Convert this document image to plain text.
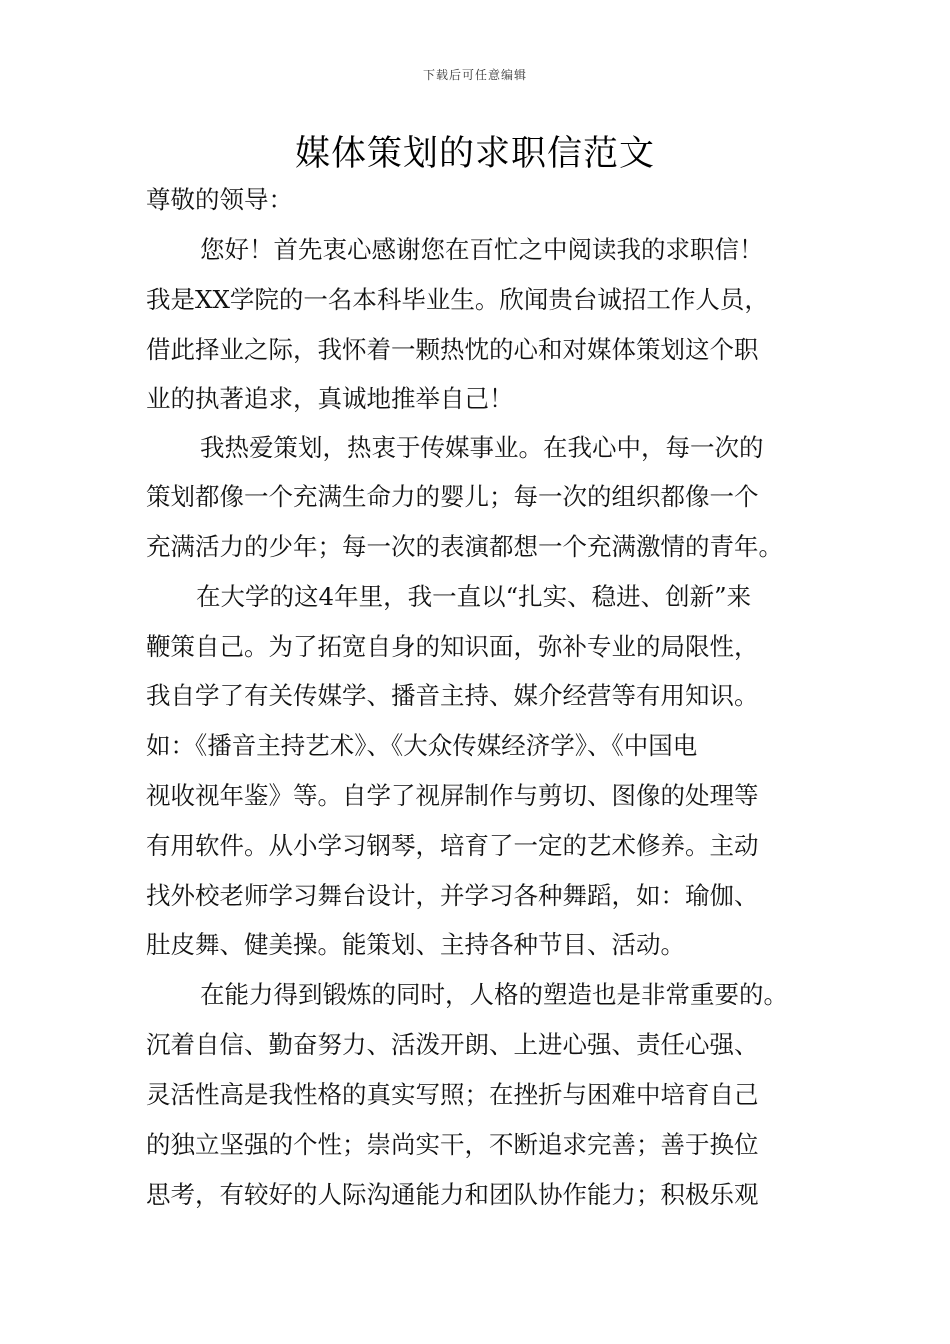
下载后可任意编辑
媒体策划的求职信范文
尊敬的领导：
您好！首先衷心感谢您在百忙之中阅读我的求职信！
我是XX学院的一名本科毕业生。欣闻贵台诚招工作人员，
借此择业之际，我怀着一颗热忱的心和对媒体策划这个职
业的执著追求，真诚地推举自己！
我热爱策划，热衷于传媒事业。在我心中，每一次的
策划都像一个充满生命力的婴儿；每一次的组织都像一个
充满活力的少年；每一次的表演都想一个充满激情的青年。
在大学的这4年里，我一直以“扎实、稳进、创新”来
鞭策自己。为了拓宽自身的知识面，弥补专业的局限性，
我自学了有关传媒学、播音主持、媒介经营等有用知识。
如：《播音主持艺术》、《大众传媒经济学》、《中国电
视收视年鉴》等。自学了视屏制作与剪切、图像的处理等
有用软件。从小学习钢琴，培育了一定的艺术修养。主动
找外校老师学习舞台设计，并学习各种舞蹈，如：瑜伽、
肚皮舞、健美操。能策划、主持各种节目、活动。
在能力得到锻炼的同时，人格的塑造也是非常重要的。
沉着自信、勤奋努力、活泼开朗、上进心强、责任心强、
灵活性高是我性格的真实写照；在挫折与困难中培育自己
的独立坚强的个性；崇尚实干，不断追求完善；善于换位
思考，有较好的人际沟通能力和团队协作能力；积极乐观
